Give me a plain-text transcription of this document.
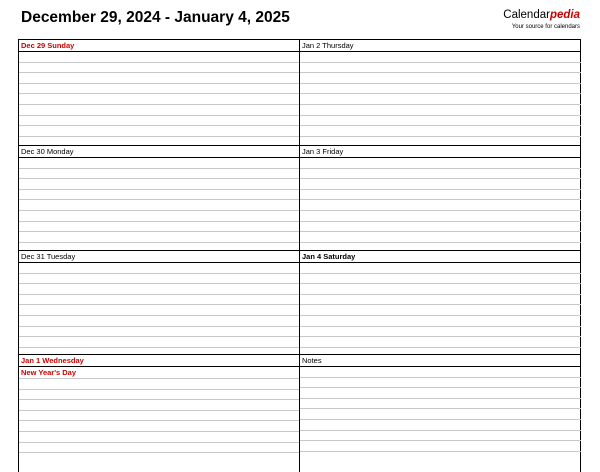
December 29, 2024 - January 4, 2025	Calendarpedia
Your source for calendars
Dec 29 Sunday
Dec 30 Monday
Dec 31 Tuesday
Jan 1 Wednesday
New Year's Day
Jan 2 Thursday
Jan 3 Friday
Jan 4 Saturday
Notes
